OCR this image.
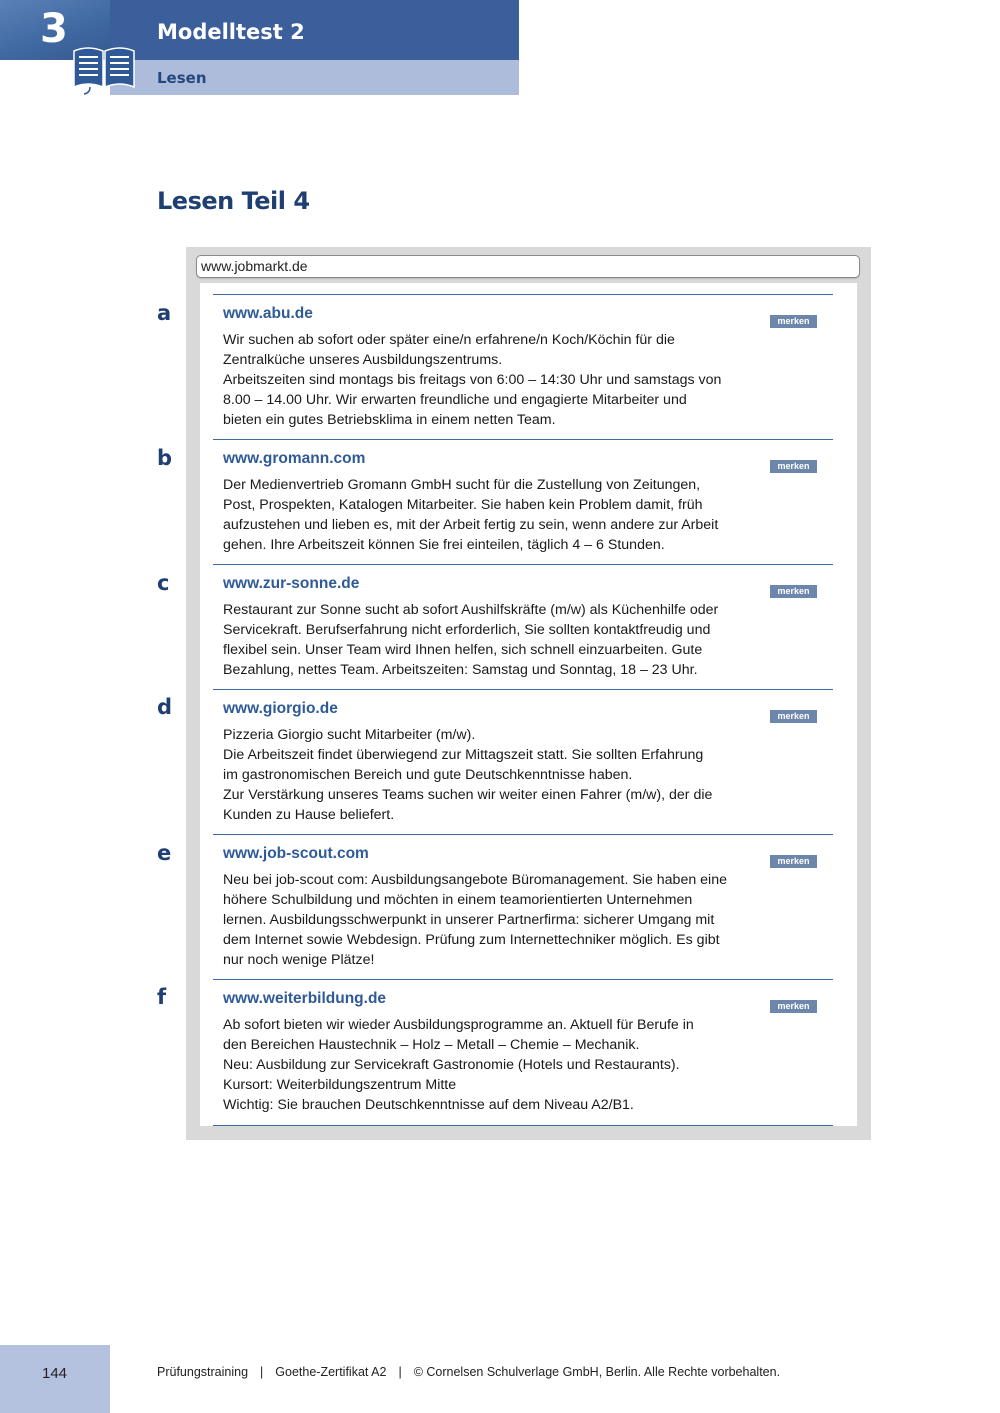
3	Modelltest 2
Lesen
Lesen Teil 4
www.jobmarkt.de
a	www.abu.de	merken

Wir suchen ab sofort oder später eine/n erfahrene/n Koch/Köchin für die
Zentralküche unseres Ausbildungszentrums.
Arbeitszeiten sind montags bis freitags von 6:00 – 14:30 Uhr und samstags von
8.00 – 14.00 Uhr. Wir erwarten freundliche und engagierte Mitarbeiter und
bieten ein gutes Betriebsklima in einem netten Team.

b	www.gromann.com	merken

Der Medienvertrieb Gromann GmbH sucht für die Zustellung von Zeitungen,
Post, Prospekten, Katalogen Mitarbeiter. Sie haben kein Problem damit, früh
aufzustehen und lieben es, mit der Arbeit fertig zu sein, wenn andere zur Arbeit
gehen. Ihre Arbeitszeit können Sie frei einteilen, täglich 4 – 6 Stunden.

c	www.zur-sonne.de	merken

Restaurant zur Sonne sucht ab sofort Aushilfskräfte (m/w) als Küchenhilfe oder
Servicekraft. Berufserfahrung nicht erforderlich, Sie sollten kontaktfreudig und
flexibel sein. Unser Team wird Ihnen helfen, sich schnell einzuarbeiten. Gute
Bezahlung, nettes Team. Arbeitszeiten: Samstag und Sonntag, 18 – 23 Uhr.

d	www.giorgio.de	merken

Pizzeria Giorgio sucht Mitarbeiter (m/w).
Die Arbeitszeit findet überwiegend zur Mittagszeit statt. Sie sollten Erfahrung
im gastronomischen Bereich und gute Deutschkenntnisse haben.
Zur Verstärkung unseres Teams suchen wir weiter einen Fahrer (m/w), der die
Kunden zu Hause beliefert.

e	www.job-scout.com	merken

Neu bei job-scout com: Ausbildungsangebote Büromanagement. Sie haben eine
höhere Schulbildung und möchten in einem teamorientierten Unternehmen
lernen. Ausbildungsschwerpunkt in unserer Partnerfirma: sicherer Umgang mit
dem Internet sowie Webdesign. Prüfung zum Internettechniker möglich. Es gibt
nur noch wenige Plätze!

f	www.weiterbildung.de	merken

Ab sofort bieten wir wieder Ausbildungsprogramme an. Aktuell für Berufe in
den Bereichen Haustechnik – Holz – Metall – Chemie – Mechanik.
Neu: Ausbildung zur Servicekraft Gastronomie (Hotels und Restaurants).
Kursort: Weiterbildungszentrum Mitte
Wichtig: Sie brauchen Deutschkenntnisse auf dem Niveau A2/B1.

144	Prüfungstraining | Goethe-Zertifikat A2 | © Cornelsen Schulverlage GmbH, Berlin. Alle Rechte vorbehalten.
